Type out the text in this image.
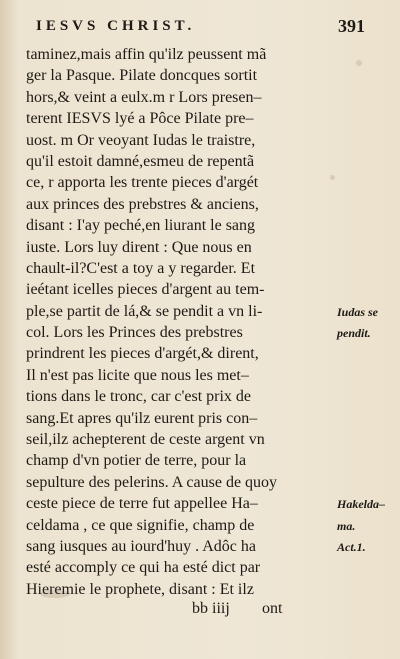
IESVS CHRIST.	391
taminez,mais affin qu'ilz peussent mã
ger la Pasque. Pilate doncques sortit
hors,& veint a eulx.m r Lors presen–
terent IESVS lyé a Pôce Pilate pre–
uost. m Or veoyant Iudas le traistre,
qu'il estoit damné,esmeu de repentã
ce, r apporta les trente pieces d'argét
aux princes des prebstres & anciens,
disant : I'ay peché,en liurant le sang
iuste. Lors luy dirent : Que nous en
chault-il?C'est a toy a y regarder. Et
ieétant icelles pieces d'argent au tem-
ple,se partit de lá,& se pendit a vn li-
col. Lors les Princes des prebstres
prindrent les pieces d'argét,& dirent,
Il n'est pas licite que nous les met–
tions dans le tronc, car c'est prix de
sang.Et apres qu'ilz eurent pris con–
seil,ilz achepterent de ceste argent vn
champ d'vn potier de terre, pour la
sepulture des pelerins. A cause de quoy
ceste piece de terre fut appellee Ha–
celdama , ce que signifie, champ de
sang iusques au iourd'huy . Adôc ha
esté accomply ce qui ha esté dict par
Hieremie le prophete, disant : Et ilz
Iudas se
pendit.
Hakelda–
ma.
Act.1.
bb iiij ont
